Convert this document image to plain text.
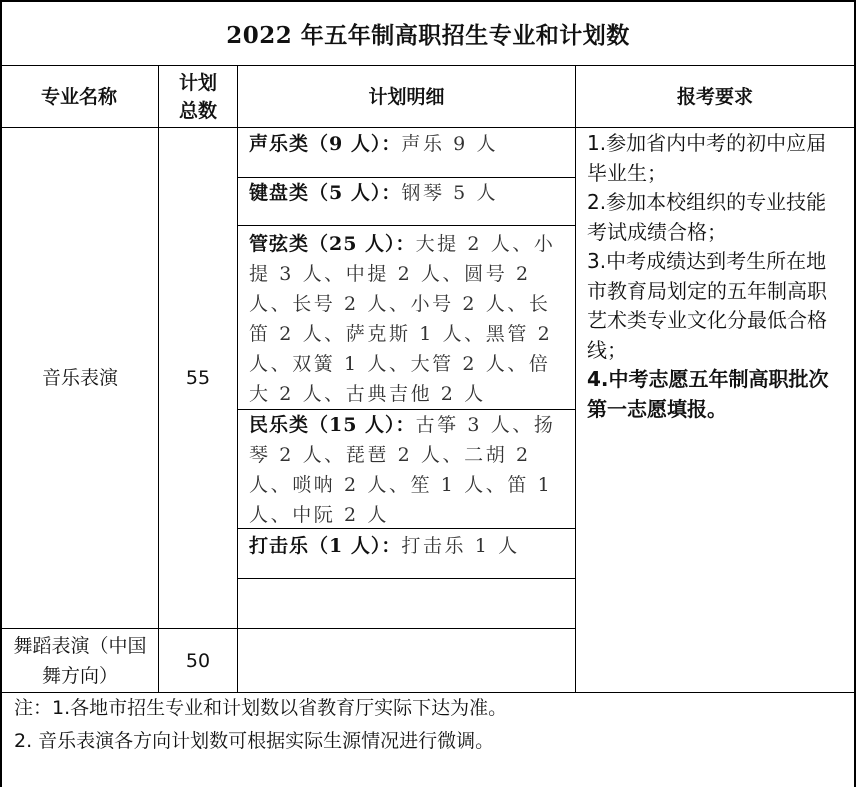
2022 年五年制高职招生专业和计划数
专业名称
计划
总数
计划明细	报考要求
音乐表演	55
声乐类（9 人）：声乐 9 人
键盘类（5 人）：钢琴 5 人
管弦类（25 人）：大提 2 人、小提 3 人、中提 2 人、圆号 2 人、长号 2 人、小号 2 人、长笛 2 人、萨克斯 1 人、黑管 2 人、双簧 1 人、大管 2 人、倍大 2 人、古典吉他 2 人
民乐类（15 人）：古筝 3 人、扬琴 2 人、琵琶 2 人、二胡 2 人、唢呐 2 人、笙 1 人、笛 1 人、中阮 2 人
打击乐（1 人）：打击乐 1 人

1.参加省内中考的初中应届毕业生；

2.参加本校组织的专业技能考试成绩合格；

3.中考成绩达到考生所在地市教育局划定的五年制高职艺术类专业文化分最低合格线；

4.中考志愿五年制高职批次第一志愿填报。

舞蹈表演（中国舞方向）
50
注：1.各地市招生专业和计划数以省教育厅实际下达为准。
2. 音乐表演各方向计划数可根据实际生源情况进行微调。
